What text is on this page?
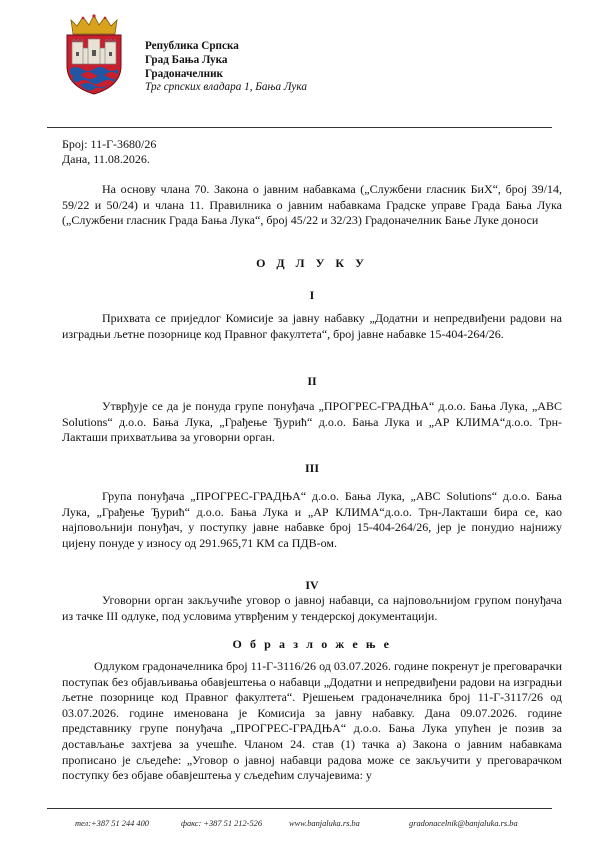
Република Српска
Град Бања Лука
Градоначелник
Трг српских владара 1, Бања Лука
Број: 11-Г-3680/26
Дана, 11.08.2026.

На основу члана 70. Закона о јавним набавкама („Службени гласник БиХ“, број 39/14, 59/22 и 50/24) и члана 11. Правилника о јавним набавкама Градске управе Града Бања Лука („Службени гласник Града Бања Лука“, број 45/22 и 32/23) Градоначелник Бање Луке доноси

О Д Л У К У
I

Прихвата се приједлог Комисије за јавну набавку „Додатни и непредвиђени радови на изградњи љетне позорнице код Правног факултета“, број јавне набавке 15-404-264/26.

II

Утврђује се да је понуда групе понуђача „ПРОГРЕС-ГРАДЊА“ д.о.о. Бања Лука, „ABC Solutions“ д.о.о. Бања Лука, „Грађење Ђурић“ д.о.о. Бања Лука и „АР КЛИМА“д.о.о. Трн-Лакташи прихватљива за уговорни орган.

III

Група понуђача „ПРОГРЕС-ГРАДЊА“ д.о.о. Бања Лука, „ABC Solutions“ д.о.о. Бања Лука, „Грађење Ђурић“ д.о.о. Бања Лука и „АР КЛИМА“д.о.о. Трн-Лакташи бира се, као најповољнији понуђач, у поступку јавне набавке број 15-404-264/26, јер је понудио најнижу цијену понуде у износу од 291.965,71 КМ са ПДВ-ом.

IV

Уговорни орган закључиће уговор о јавној набавци, са најповољнијом групом понуђача из тачке III одлуке, под условима утврђеним у тендерској документацији.

О б р а з л о ж е њ е

Одлуком градоначелника број 11-Г-3116/26 од 03.07.2026. године покренут је преговарачки поступак без објављивања обавјештења о набавци „Додатни и непредвиђени радови на изградњи љетне позорнице код Правног факултета“. Рјешењем градоначелника број 11-Г-3117/26 од 03.07.2026. године именована је Комисија за јавну набавку. Дана 09.07.2026. године представнику групе понуђача „ПРОГРЕС-ГРАДЊА“ д.о.о. Бања Лука упућен је позив за достављање захтјева за учешће. Чланом 24. став (1) тачка а) Закона о јавним набавкама прописано је сљедеће: „Уговор о јавној набавци радова може се закључити у преговарачком поступку без објаве обавјештења у сљедећим случајевима: у

тел:+387 51 244 400	факс: +387 51 212-526	www.banjaluka.rs.ba	gradonacelnik@banjaluka.rs.ba
